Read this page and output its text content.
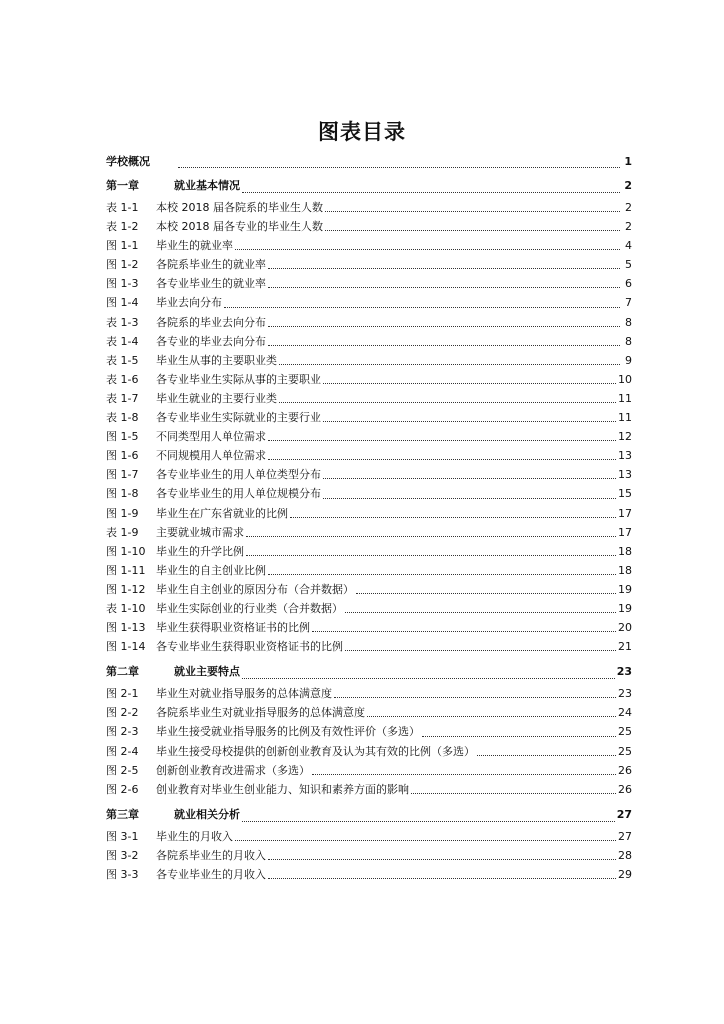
图表目录
学校概况	1
第一章	就业基本情况	2
表 1-1	本校 2018 届各院系的毕业生人数	2
表 1-2	本校 2018 届各专业的毕业生人数	2
图 1-1	毕业生的就业率	4
图 1-2	各院系毕业生的就业率	5
图 1-3	各专业毕业生的就业率	6
图 1-4	毕业去向分布	7
表 1-3	各院系的毕业去向分布	8
表 1-4	各专业的毕业去向分布	8
表 1-5	毕业生从事的主要职业类	9
表 1-6	各专业毕业生实际从事的主要职业	10
表 1-7	毕业生就业的主要行业类	11
表 1-8	各专业毕业生实际就业的主要行业	11
图 1-5	不同类型用人单位需求	12
图 1-6	不同规模用人单位需求	13
图 1-7	各专业毕业生的用人单位类型分布	13
图 1-8	各专业毕业生的用人单位规模分布	15
图 1-9	毕业生在广东省就业的比例	17
表 1-9	主要就业城市需求	17
图 1-10 毕业生的升学比例	18
图 1-11 毕业生的自主创业比例	18
图 1-12 毕业生自主创业的原因分布（合并数据）	19
表 1-10 毕业生实际创业的行业类（合并数据）	19
图 1-13 毕业生获得职业资格证书的比例	20
图 1-14 各专业毕业生获得职业资格证书的比例	21
第二章	就业主要特点	23
图 2-1	毕业生对就业指导服务的总体满意度	23
图 2-2	各院系毕业生对就业指导服务的总体满意度	24
图 2-3	毕业生接受就业指导服务的比例及有效性评价（多选）	25
图 2-4	毕业生接受母校提供的创新创业教育及认为其有效的比例（多选）	25
图 2-5	创新创业教育改进需求（多选）	26
图 2-6	创业教育对毕业生创业能力、知识和素养方面的影响	26
第三章	就业相关分析	27
图 3-1	毕业生的月收入	27
图 3-2	各院系毕业生的月收入	28
图 3-3	各专业毕业生的月收入	29
